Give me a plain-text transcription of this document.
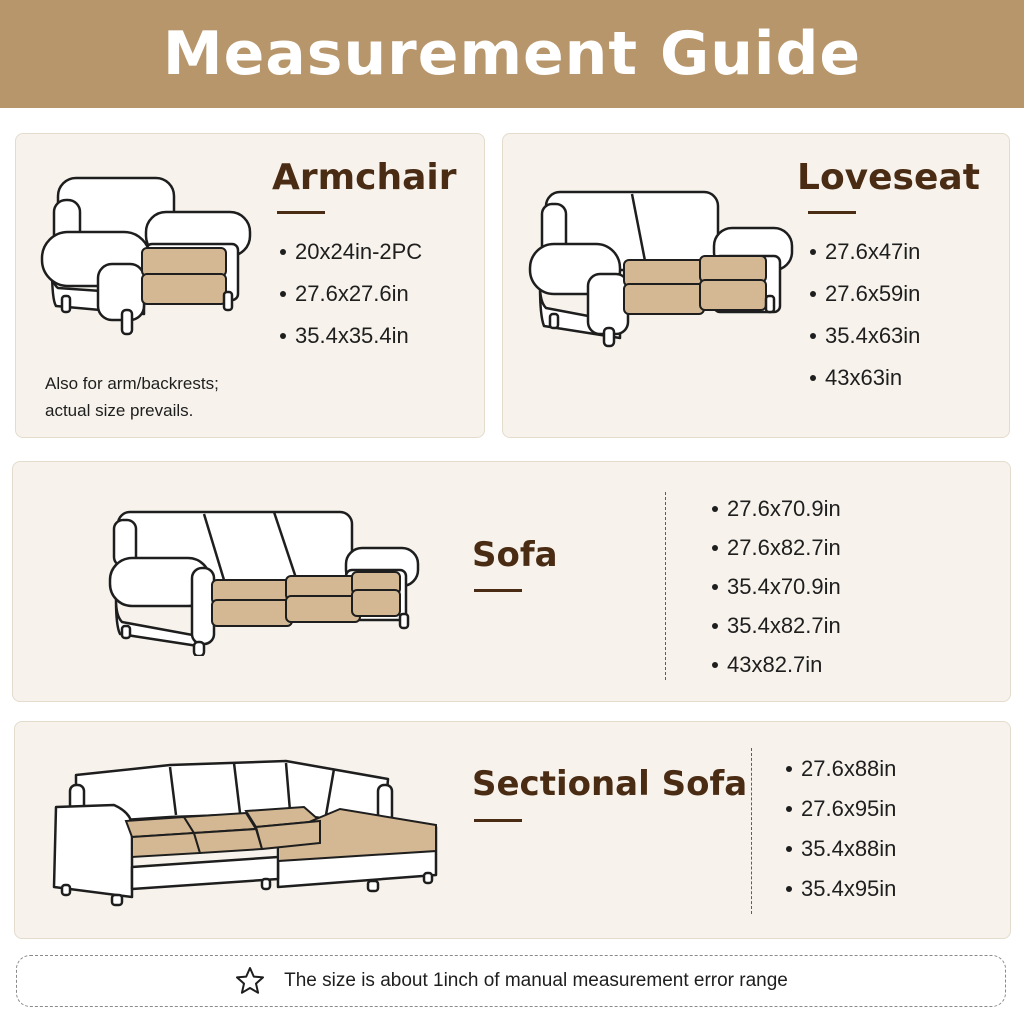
Measurement Guide
Armchair
20x24in-2PC
27.6x27.6in
35.4x35.4in
Also for arm/backrests;
actual size prevails.
Loveseat
27.6x47in
27.6x59in
35.4x63in
43x63in
Sofa
27.6x70.9in
27.6x82.7in
35.4x70.9in
35.4x82.7in
43x82.7in
Sectional Sofa 27.6x88in
27.6x95in
35.4x88in
35.4x95in
The size is about 1inch of manual measurement error range
